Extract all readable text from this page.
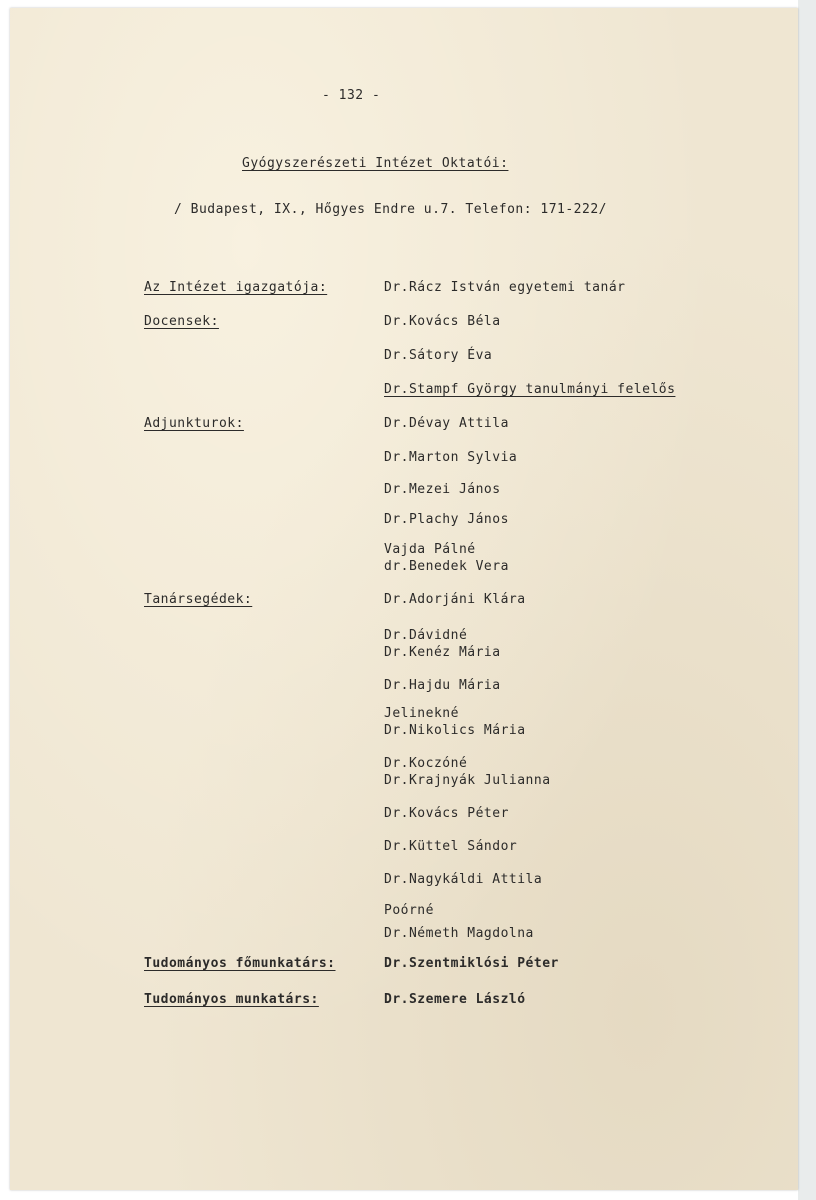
- 132 -
Gyógyszerészeti Intézet Oktatói:
/ Budapest, IX., Hőgyes Endre u.7. Telefon: 171-222/
Az Intézet igazgatója:	Dr.Rácz István egyetemi tanár
Docensek:	Dr.Kovács Béla
Dr.Sátory Éva
Dr.Stampf György tanulmányi felelős
Adjunkturok:	Dr.Dévay Attila
Dr.Marton Sylvia
Dr.Mezei János
Dr.Plachy János
Vajda Pálné
dr.Benedek Vera
Tanársegédek:	Dr.Adorjáni Klára
Dr.Dávidné
Dr.Kenéz Mária
Dr.Hajdu Mária
Jelinekné
Dr.Nikolics Mária
Dr.Koczóné
Dr.Krajnyák Julianna
Dr.Kovács Péter
Dr.Küttel Sándor
Dr.Nagykáldi Attila
Poórné
Dr.Németh Magdolna
Tudományos főmunkatárs:	Dr.Szentmiklósi Péter
Tudományos munkatárs:	Dr.Szemere László
